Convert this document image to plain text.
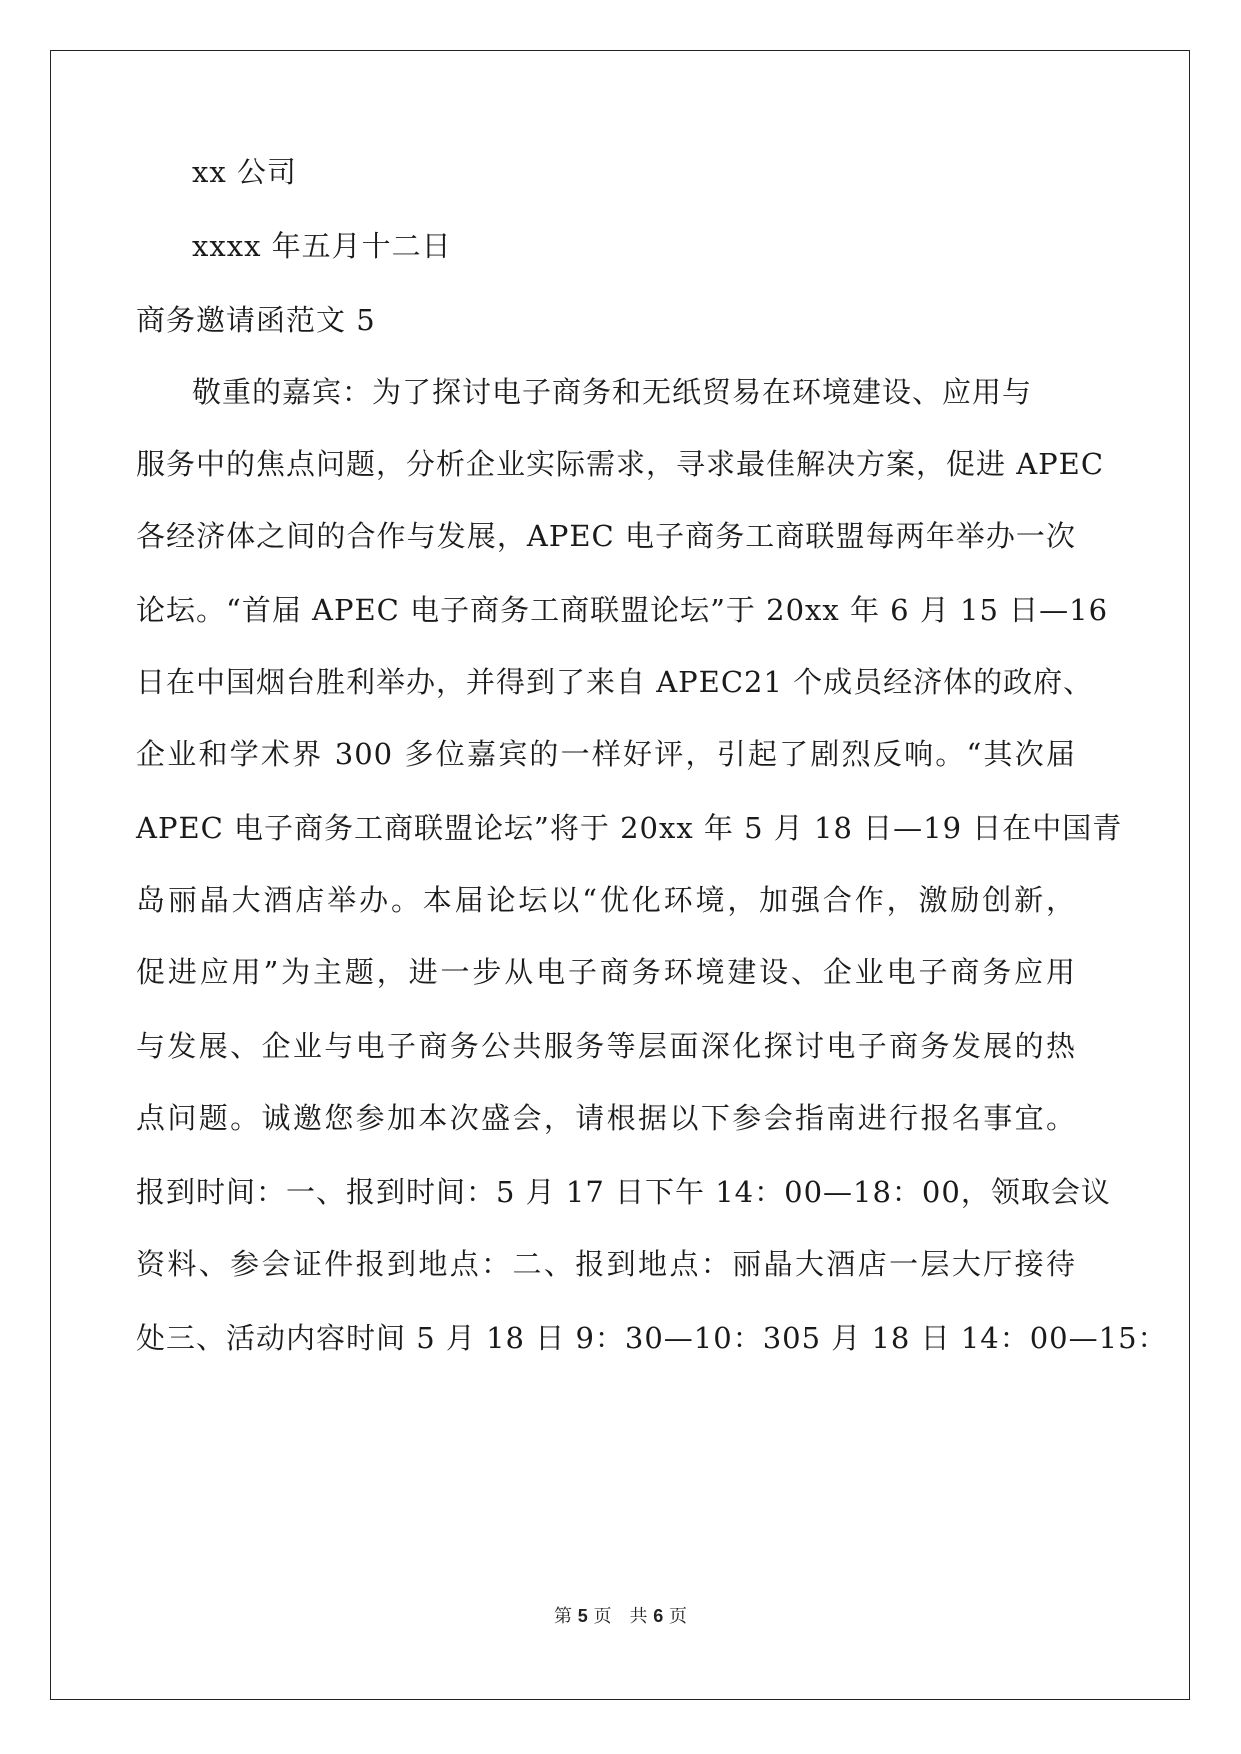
xx 公司
xxxx 年五月十二日
商务邀请函范文 5
敬重的嘉宾：为了探讨电子商务和无纸贸易在环境建设、应用与
服务中的焦点问题，分析企业实际需求，寻求最佳解决方案，促进 APEC
各经济体之间的合作与发展，APEC 电子商务工商联盟每两年举办一次
论坛。“首届 APEC 电子商务工商联盟论坛”于 20xx 年 6 月 15 日—16
日在中国烟台胜利举办，并得到了来自 APEC21 个成员经济体的政府、
企业和学术界 300 多位嘉宾的一样好评，引起了剧烈反响。“其次届
APEC 电子商务工商联盟论坛”将于 20xx 年 5 月 18 日—19 日在中国青
岛丽晶大酒店举办。本届论坛以“优化环境，加强合作，激励创新，
促进应用”为主题，进一步从电子商务环境建设、企业电子商务应用
与发展、企业与电子商务公共服务等层面深化探讨电子商务发展的热
点问题。诚邀您参加本次盛会，请根据以下参会指南进行报名事宜。
报到时间：一、报到时间：5 月 17 日下午 14：00—18：00，领取会议
资料、参会证件报到地点：二、报到地点：丽晶大酒店一层大厅接待
处三、活动内容时间 5 月 18 日 9：30—10：305 月 18 日 14：00—15：
第 5 页　共 6 页
